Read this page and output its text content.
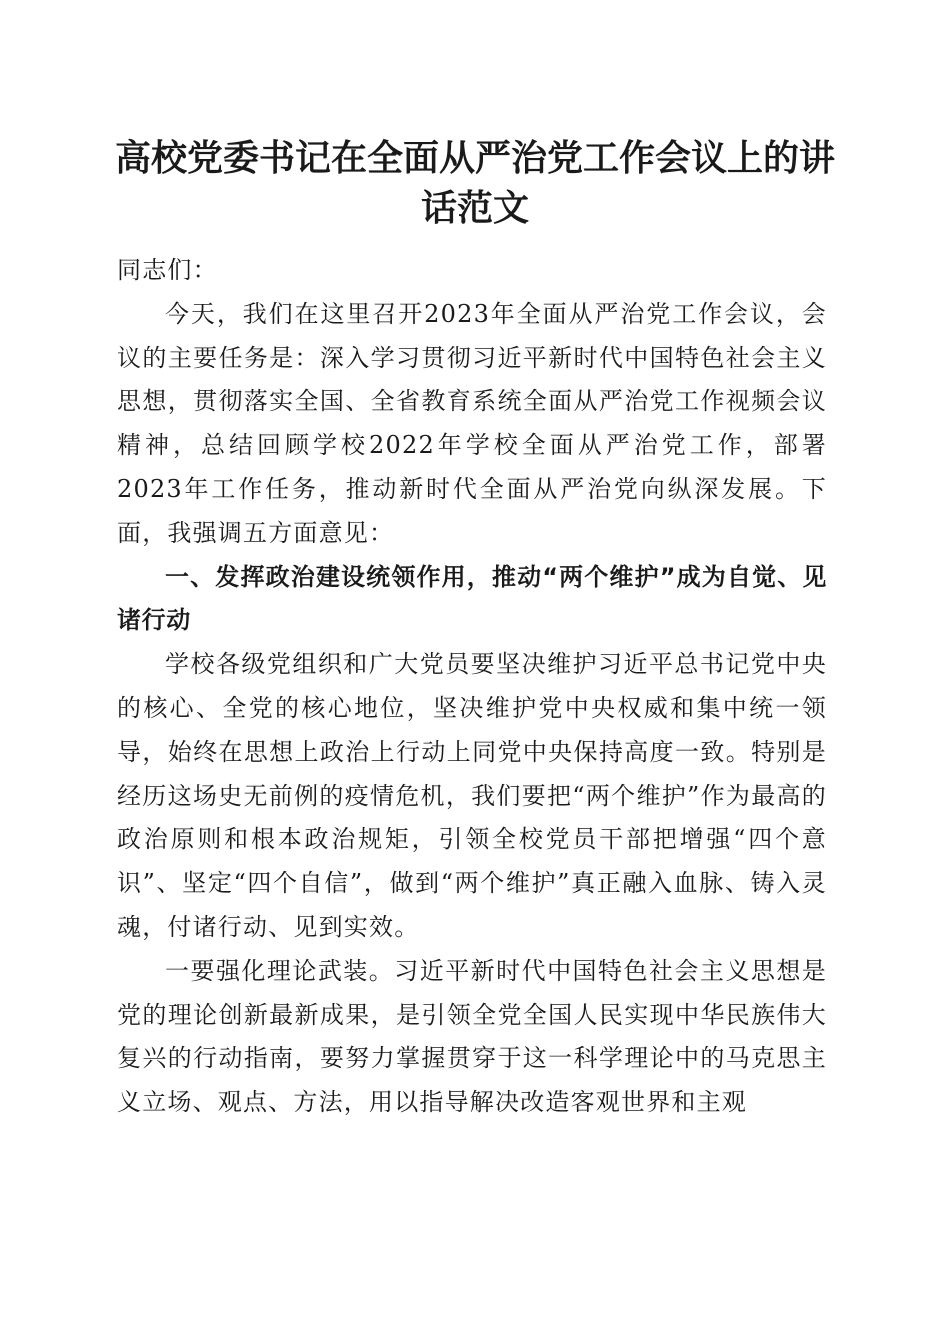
高校党委书记在全面从严治党工作会议上的讲
话范文

同志们：

今天，我们在这里召开2023年全面从严治党工作会议，会议的主要任务是：深入学习贯彻习近平新时代中国特色社会主义思想，贯彻落实全国、全省教育系统全面从严治党工作视频会议精神，总结回顾学校2022年学校全面从严治党工作，部署2023年工作任务，推动新时代全面从严治党向纵深发展。下面，我强调五方面意见：

一、发挥政治建设统领作用，推动“两个维护”成为自觉、见诸行动

学校各级党组织和广大党员要坚决维护习近平总书记党中央的核心、全党的核心地位，坚决维护党中央权威和集中统一领导，始终在思想上政治上行动上同党中央保持高度一致。特别是经历这场史无前例的疫情危机，我们要把“两个维护”作为最高的政治原则和根本政治规矩，引领全校党员干部把增强“四个意识”、坚定“四个自信”，做到“两个维护”真正融入血脉、铸入灵魂，付诸行动、见到实效。

一要强化理论武装。习近平新时代中国特色社会主义思想是党的理论创新最新成果，是引领全党全国人民实现中华民族伟大复兴的行动指南，要努力掌握贯穿于这一科学理论中的马克思主义立场、观点、方法，用以指导解决改造客观世界和主观
